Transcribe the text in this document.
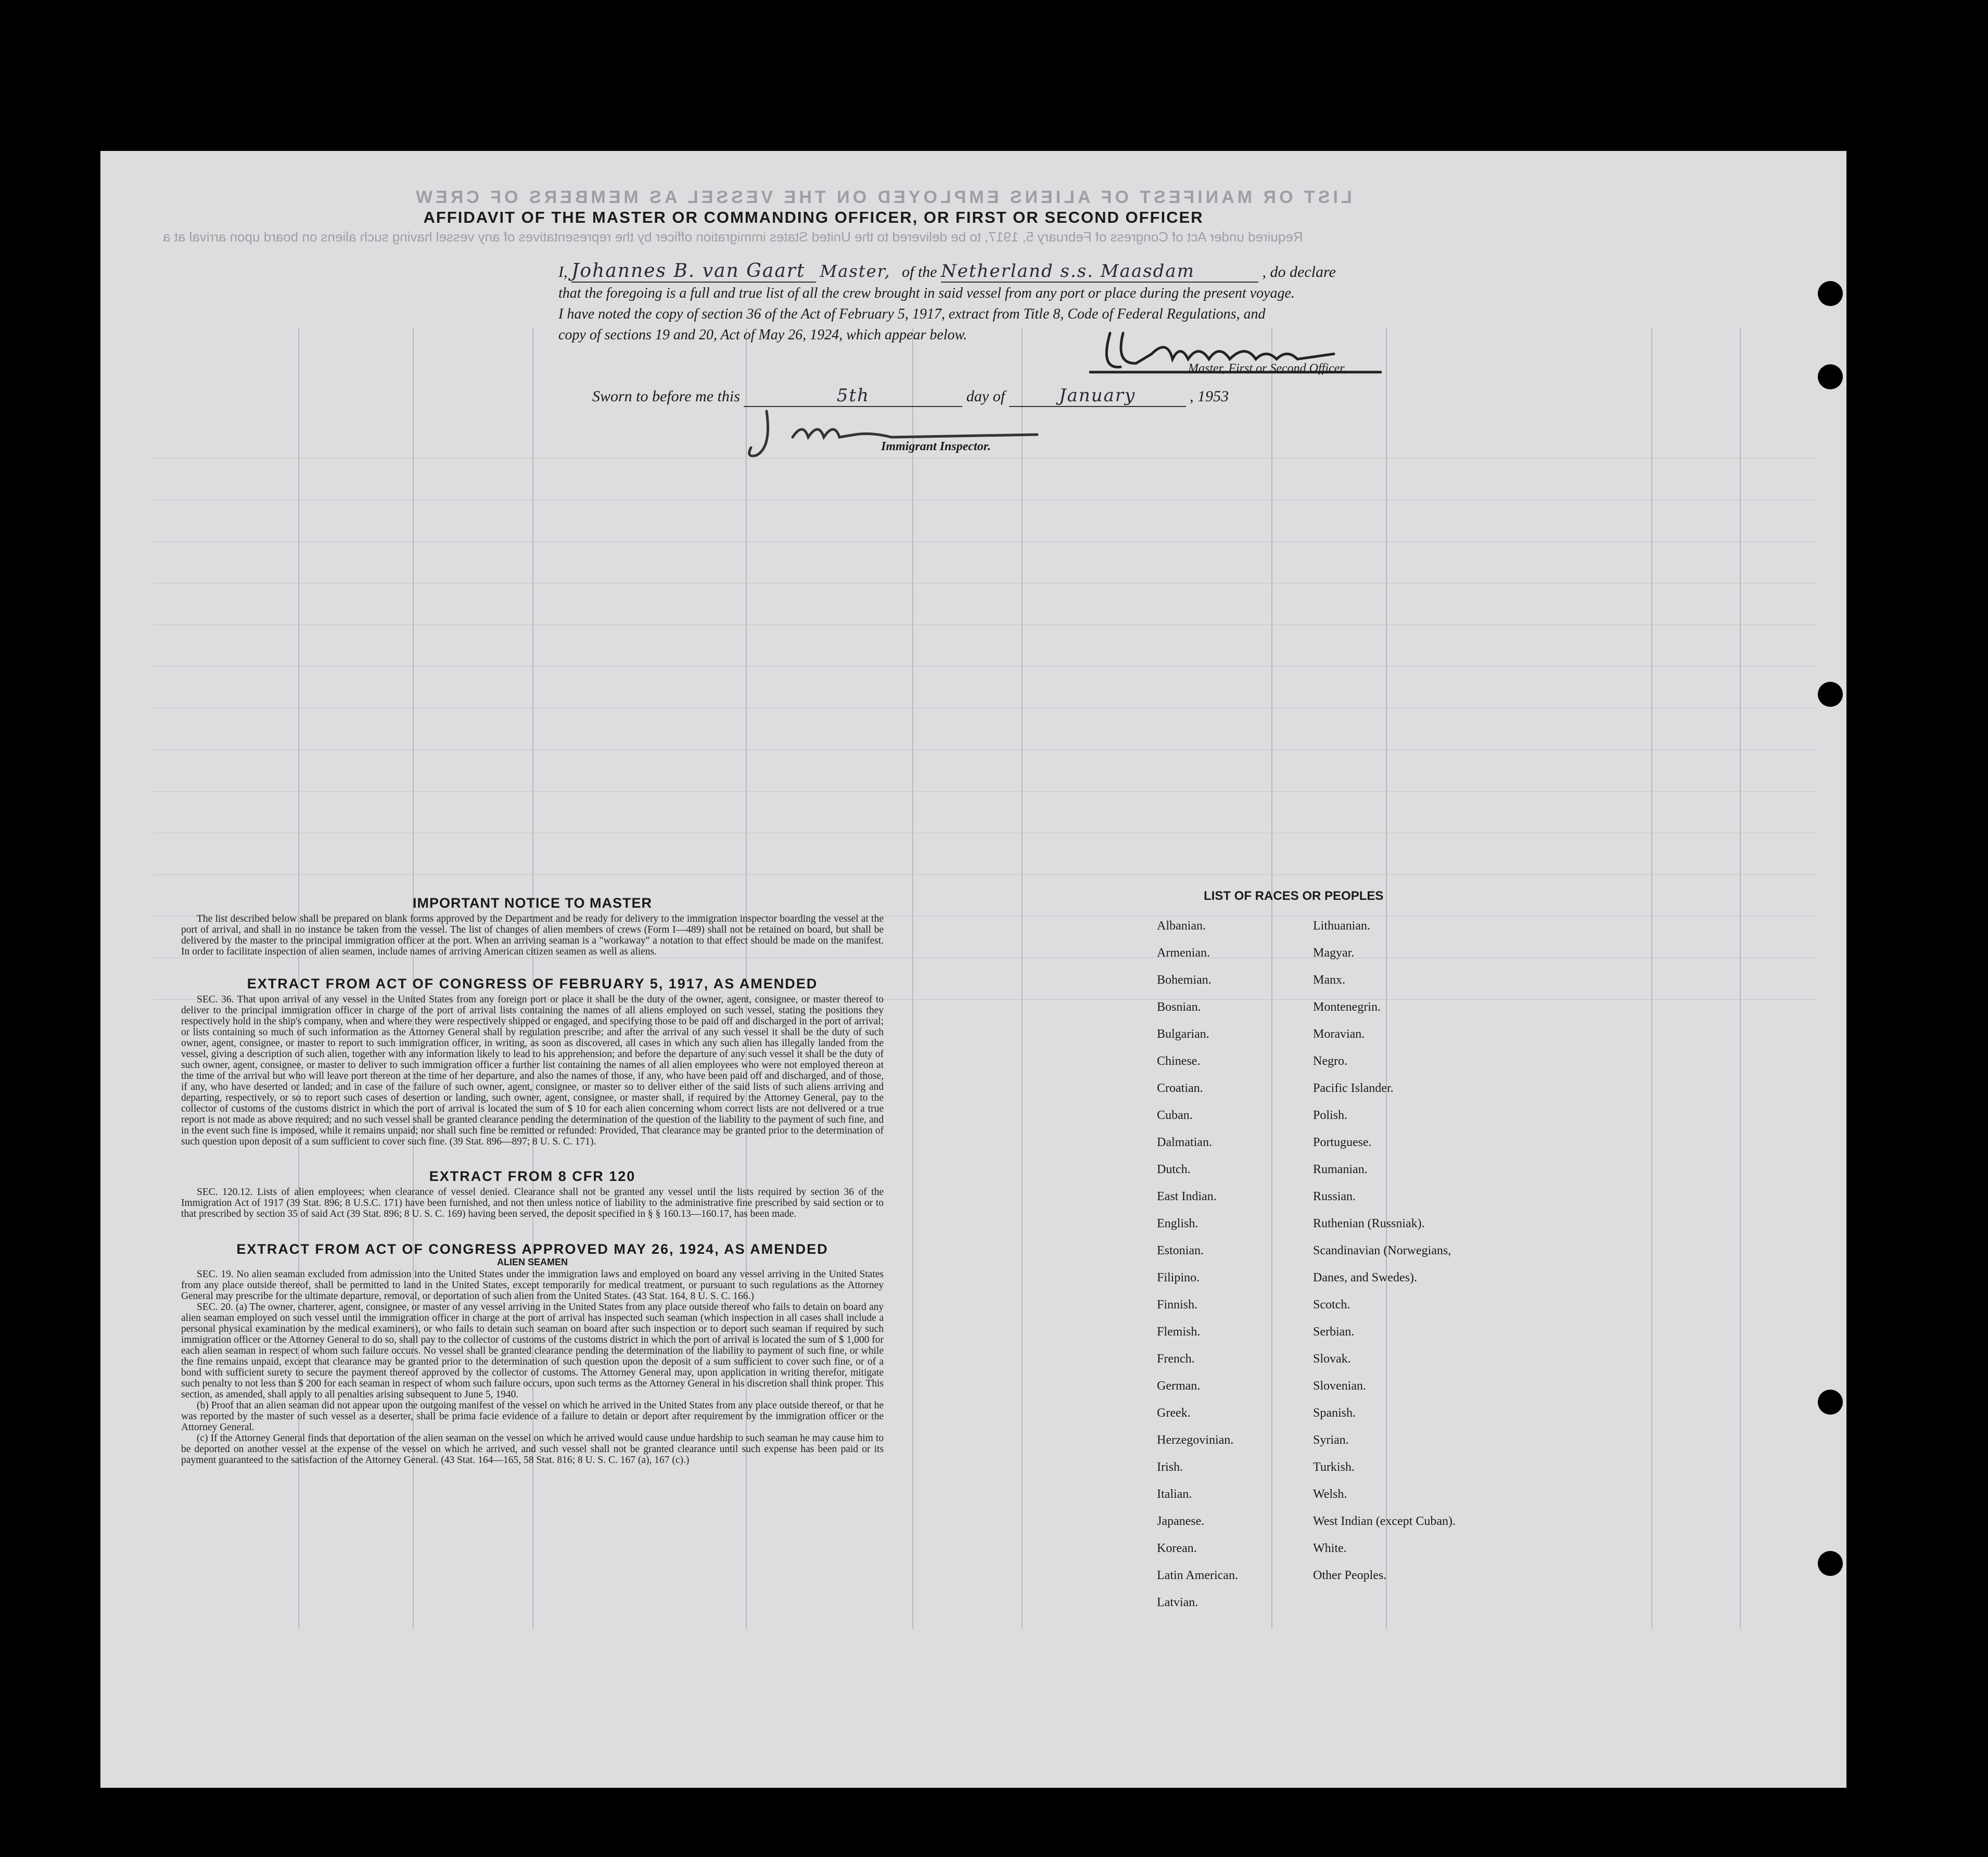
LIST OR MANIFEST OF ALIENS EMPLOYED ON THE VESSEL AS MEMBERS OF CREW
Required under Act of Congress of February 5, 1917, to be delivered to the United States immigration officer by the representatives of any vessel having such aliens on board upon arrival at a
AFFIDAVIT OF THE MASTER OR COMMANDING OFFICER, OR FIRST OR SECOND OFFICER
I, Johannes B. van Gaart Master, of the Netherland s.s. Maasdam	, do declare
that the foregoing is a full and true list of all the crew brought in said vessel from any port or place during the present voyage.
I have noted the copy of section 36 of the Act of February 5, 1917, extract from Title 8, Code of Federal Regulations, and
copy of sections 19 and 20, Act of May 26, 1924, which appear below.
Master, First or Second Officer.
Sworn to before me this	5th	day of	January	, 1953
Immigrant Inspector.
IMPORTANT NOTICE TO MASTER

The list described below shall be prepared on blank forms approved by the Department and be ready for delivery to the immigration inspector boarding the vessel at the port of arrival, and shall in no instance be taken from the vessel. The list of changes of alien members of crews (Form I—489) shall not be retained on board, but shall be delivered by the master to the principal immigration officer at the port. When an arriving seaman is a "workaway" a notation to that effect should be made on the manifest. In order to facilitate inspection of alien seamen, include names of arriving American citizen seamen as well as aliens.

EXTRACT FROM ACT OF CONGRESS OF FEBRUARY 5, 1917, AS AMENDED

SEC. 36. That upon arrival of any vessel in the United States from any foreign port or place it shall be the duty of the owner, agent, consignee, or master thereof to deliver to the principal immigration officer in charge of the port of arrival lists containing the names of all aliens employed on such vessel, stating the positions they respectively hold in the ship's company, when and where they were respectively shipped or engaged, and specifying those to be paid off and discharged in the port of arrival; or lists containing so much of such information as the Attorney General shall by regulation prescribe; and after the arrival of any such vessel it shall be the duty of such owner, agent, consignee, or master to report to such immigration officer, in writing, as soon as discovered, all cases in which any such alien has illegally landed from the vessel, giving a description of such alien, together with any information likely to lead to his apprehension; and before the departure of any such vessel it shall be the duty of such owner, agent, consignee, or master to deliver to such immigration officer a further list containing the names of all alien employees who were not employed thereon at the time of the arrival but who will leave port thereon at the time of her departure, and also the names of those, if any, who have been paid off and discharged, and of those, if any, who have deserted or landed; and in case of the failure of such owner, agent, consignee, or master so to deliver either of the said lists of such aliens arriving and departing, respectively, or so to report such cases of desertion or landing, such owner, agent, consignee, or master shall, if required by the Attorney General, pay to the collector of customs of the customs district in which the port of arrival is located the sum of $ 10 for each alien concerning whom correct lists are not delivered or a true report is not made as above required; and no such vessel shall be granted clearance pending the determination of the question of the liability to the payment of such fine, and in the event such fine is imposed, while it remains unpaid; nor shall such fine be remitted or refunded: Provided, That clearance may be granted prior to the determination of such question upon deposit of a sum sufficient to cover such fine. (39 Stat. 896—897; 8 U. S. C. 171).

EXTRACT FROM 8 CFR 120

SEC. 120.12. Lists of alien employees; when clearance of vessel denied. Clearance shall not be granted any vessel until the lists required by section 36 of the Immigration Act of 1917 (39 Stat. 896; 8 U.S.C. 171) have been furnished, and not then unless notice of liability to the administrative fine prescribed by said section or to that prescribed by section 35 of said Act (39 Stat. 896; 8 U. S. C. 169) having been served, the deposit specified in § § 160.13—160.17, has been made.

EXTRACT FROM ACT OF CONGRESS APPROVED MAY 26, 1924, AS AMENDED
ALIEN SEAMEN

SEC. 19. No alien seaman excluded from admission into the United States under the immigration laws and employed on board any vessel arriving in the United States from any place outside thereof, shall be permitted to land in the United States, except temporarily for medical treatment, or pursuant to such regulations as the Attorney General may prescribe for the ultimate departure, removal, or deportation of such alien from the United States. (43 Stat. 164, 8 U. S. C. 166.)

SEC. 20. (a) The owner, charterer, agent, consignee, or master of any vessel arriving in the United States from any place outside thereof who fails to detain on board any alien seaman employed on such vessel until the immigration officer in charge at the port of arrival has inspected such seaman (which inspection in all cases shall include a personal physical examination by the medical examiners), or who fails to detain such seaman on board after such inspection or to deport such seaman if required by such immigration officer or the Attorney General to do so, shall pay to the collector of customs of the customs district in which the port of arrival is located the sum of $ 1,000 for each alien seaman in respect of whom such failure occurs. No vessel shall be granted clearance pending the determination of the liability to payment of such fine, or while the fine remains unpaid, except that clearance may be granted prior to the determination of such question upon the deposit of a sum sufficient to cover such fine, or of a bond with sufficient surety to secure the payment thereof approved by the collector of customs. The Attorney General may, upon application in writing therefor, mitigate such penalty to not less than $ 200 for each seaman in respect of whom such failure occurs, upon such terms as the Attorney General in his discretion shall think proper. This section, as amended, shall apply to all penalties arising subsequent to June 5, 1940.

(b) Proof that an alien seaman did not appear upon the outgoing manifest of the vessel on which he arrived in the United States from any place outside thereof, or that he was reported by the master of such vessel as a deserter, shall be prima facie evidence of a failure to detain or deport after requirement by the immigration officer or the Attorney General.

(c) If the Attorney General finds that deportation of the alien seaman on the vessel on which he arrived would cause undue hardship to such seaman he may cause him to be deported on another vessel at the expense of the vessel on which he arrived, and such vessel shall not be granted clearance until such expense has been paid or its payment guaranteed to the satisfaction of the Attorney General. (43 Stat. 164—165, 58 Stat. 816; 8 U. S. C. 167 (a), 167 (c).)

LIST OF RACES OR PEOPLES
Albanian.
Armenian.
Bohemian.
Bosnian.
Bulgarian.
Chinese.
Croatian.
Cuban.
Dalmatian.
Dutch.
East Indian.
English.
Estonian.
Filipino.
Finnish.
Flemish.
French.
German.
Greek.
Herzegovinian.
Irish.
Italian.
Japanese.
Korean.
Latin American.
Latvian.
Lithuanian.
Magyar.
Manx.
Montenegrin.
Moravian.
Negro.
Pacific Islander.
Polish.
Portuguese.
Rumanian.
Russian.
Ruthenian (Russniak).
Scandinavian (Norwegians,
Danes, and Swedes).
Scotch.
Serbian.
Slovak.
Slovenian.
Spanish.
Syrian.
Turkish.
Welsh.
West Indian (except Cuban).
White.
Other Peoples.
